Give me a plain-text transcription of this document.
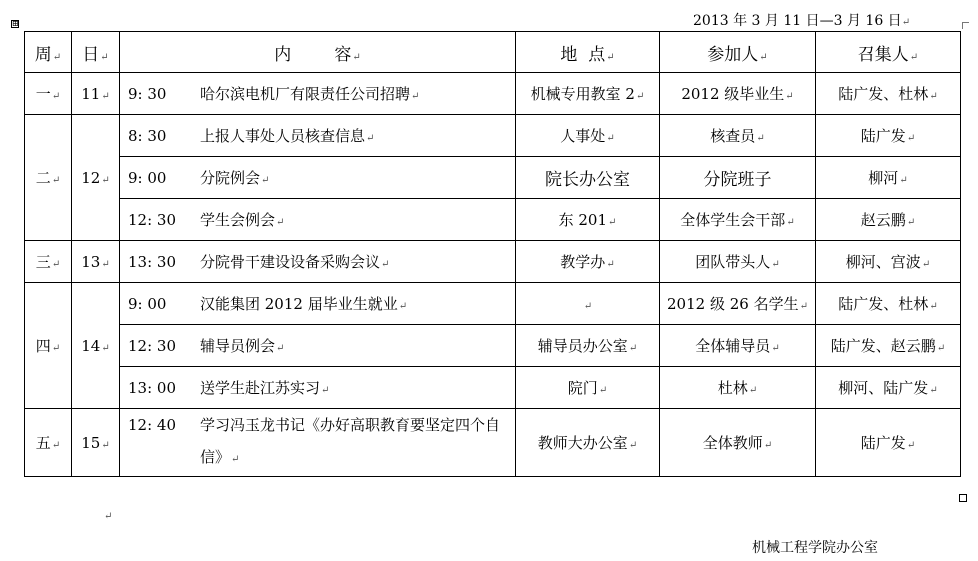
2013 年 3 月 11 日—3 月 16 日↵
⊞
周↵	日↵	内        容↵	地  点↵	参加人↵	召集人↵
一↵	11↵	9: 30 哈尔滨电机厂有限责任公司招聘↵	机械专用教室 2↵	2012 级毕业生↵	陆广发、杜林↵
二↵	12↵	8: 30 上报人事处人员核查信息↵	人事处↵	核查员↵	陆广发↵
		9: 00 分院例会↵	院长办公室	分院班子	柳河↵
		12: 30 学生会例会↵	东 201↵	全体学生会干部↵	赵云鹏↵
三↵	13↵	13: 30 分院骨干建设设备采购会议↵	教学办↵	团队带头人↵	柳河、宫波↵
四↵	14↵	9: 00 汉能集团 2012 届毕业生就业↵	↵	2012 级 26 名学生↵	陆广发、杜林↵
		12: 30 辅导员例会↵	辅导员办公室↵	全体辅导员↵	陆广发、赵云鹏↵
		13: 00 送学生赴江苏实习↵	院门↵	杜林↵	柳河、陆广发↵
五↵	15↵	12: 40 学习冯玉龙书记《办好高职教育要坚定四个自信》↵	教师大办公室↵	全体教师↵	陆广发↵
↵
机械工程学院办公室
